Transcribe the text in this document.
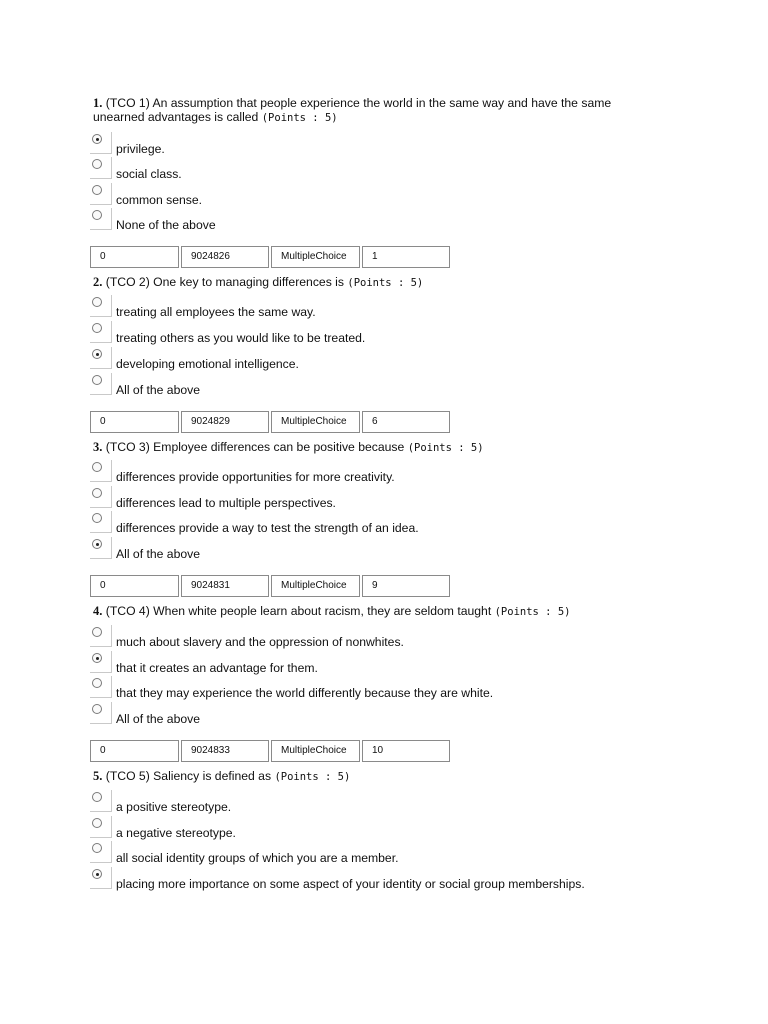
1. (TCO 1) An assumption that people experience the world in the same way and have the same unearned advantages is called (Points : 5)

privilege.
social class.
common sense.
None of the above
0	9024826	MultipleChoice	1

2. (TCO 2) One key to managing differences is (Points : 5)

treating all employees the same way.
treating others as you would like to be treated.
developing emotional intelligence.
All of the above
0	9024829	MultipleChoice	6

3. (TCO 3) Employee differences can be positive because (Points : 5)

differences provide opportunities for more creativity.
differences lead to multiple perspectives.
differences provide a way to test the strength of an idea.
All of the above
0	9024831	MultipleChoice	9

4. (TCO 4) When white people learn about racism, they are seldom taught (Points : 5)

much about slavery and the oppression of nonwhites.
that it creates an advantage for them.
that they may experience the world differently because they are white.
All of the above
0	9024833	MultipleChoice	10

5. (TCO 5) Saliency is defined as (Points : 5)

a positive stereotype.
a negative stereotype.
all social identity groups of which you are a member.
placing more importance on some aspect of your identity or social group memberships.
